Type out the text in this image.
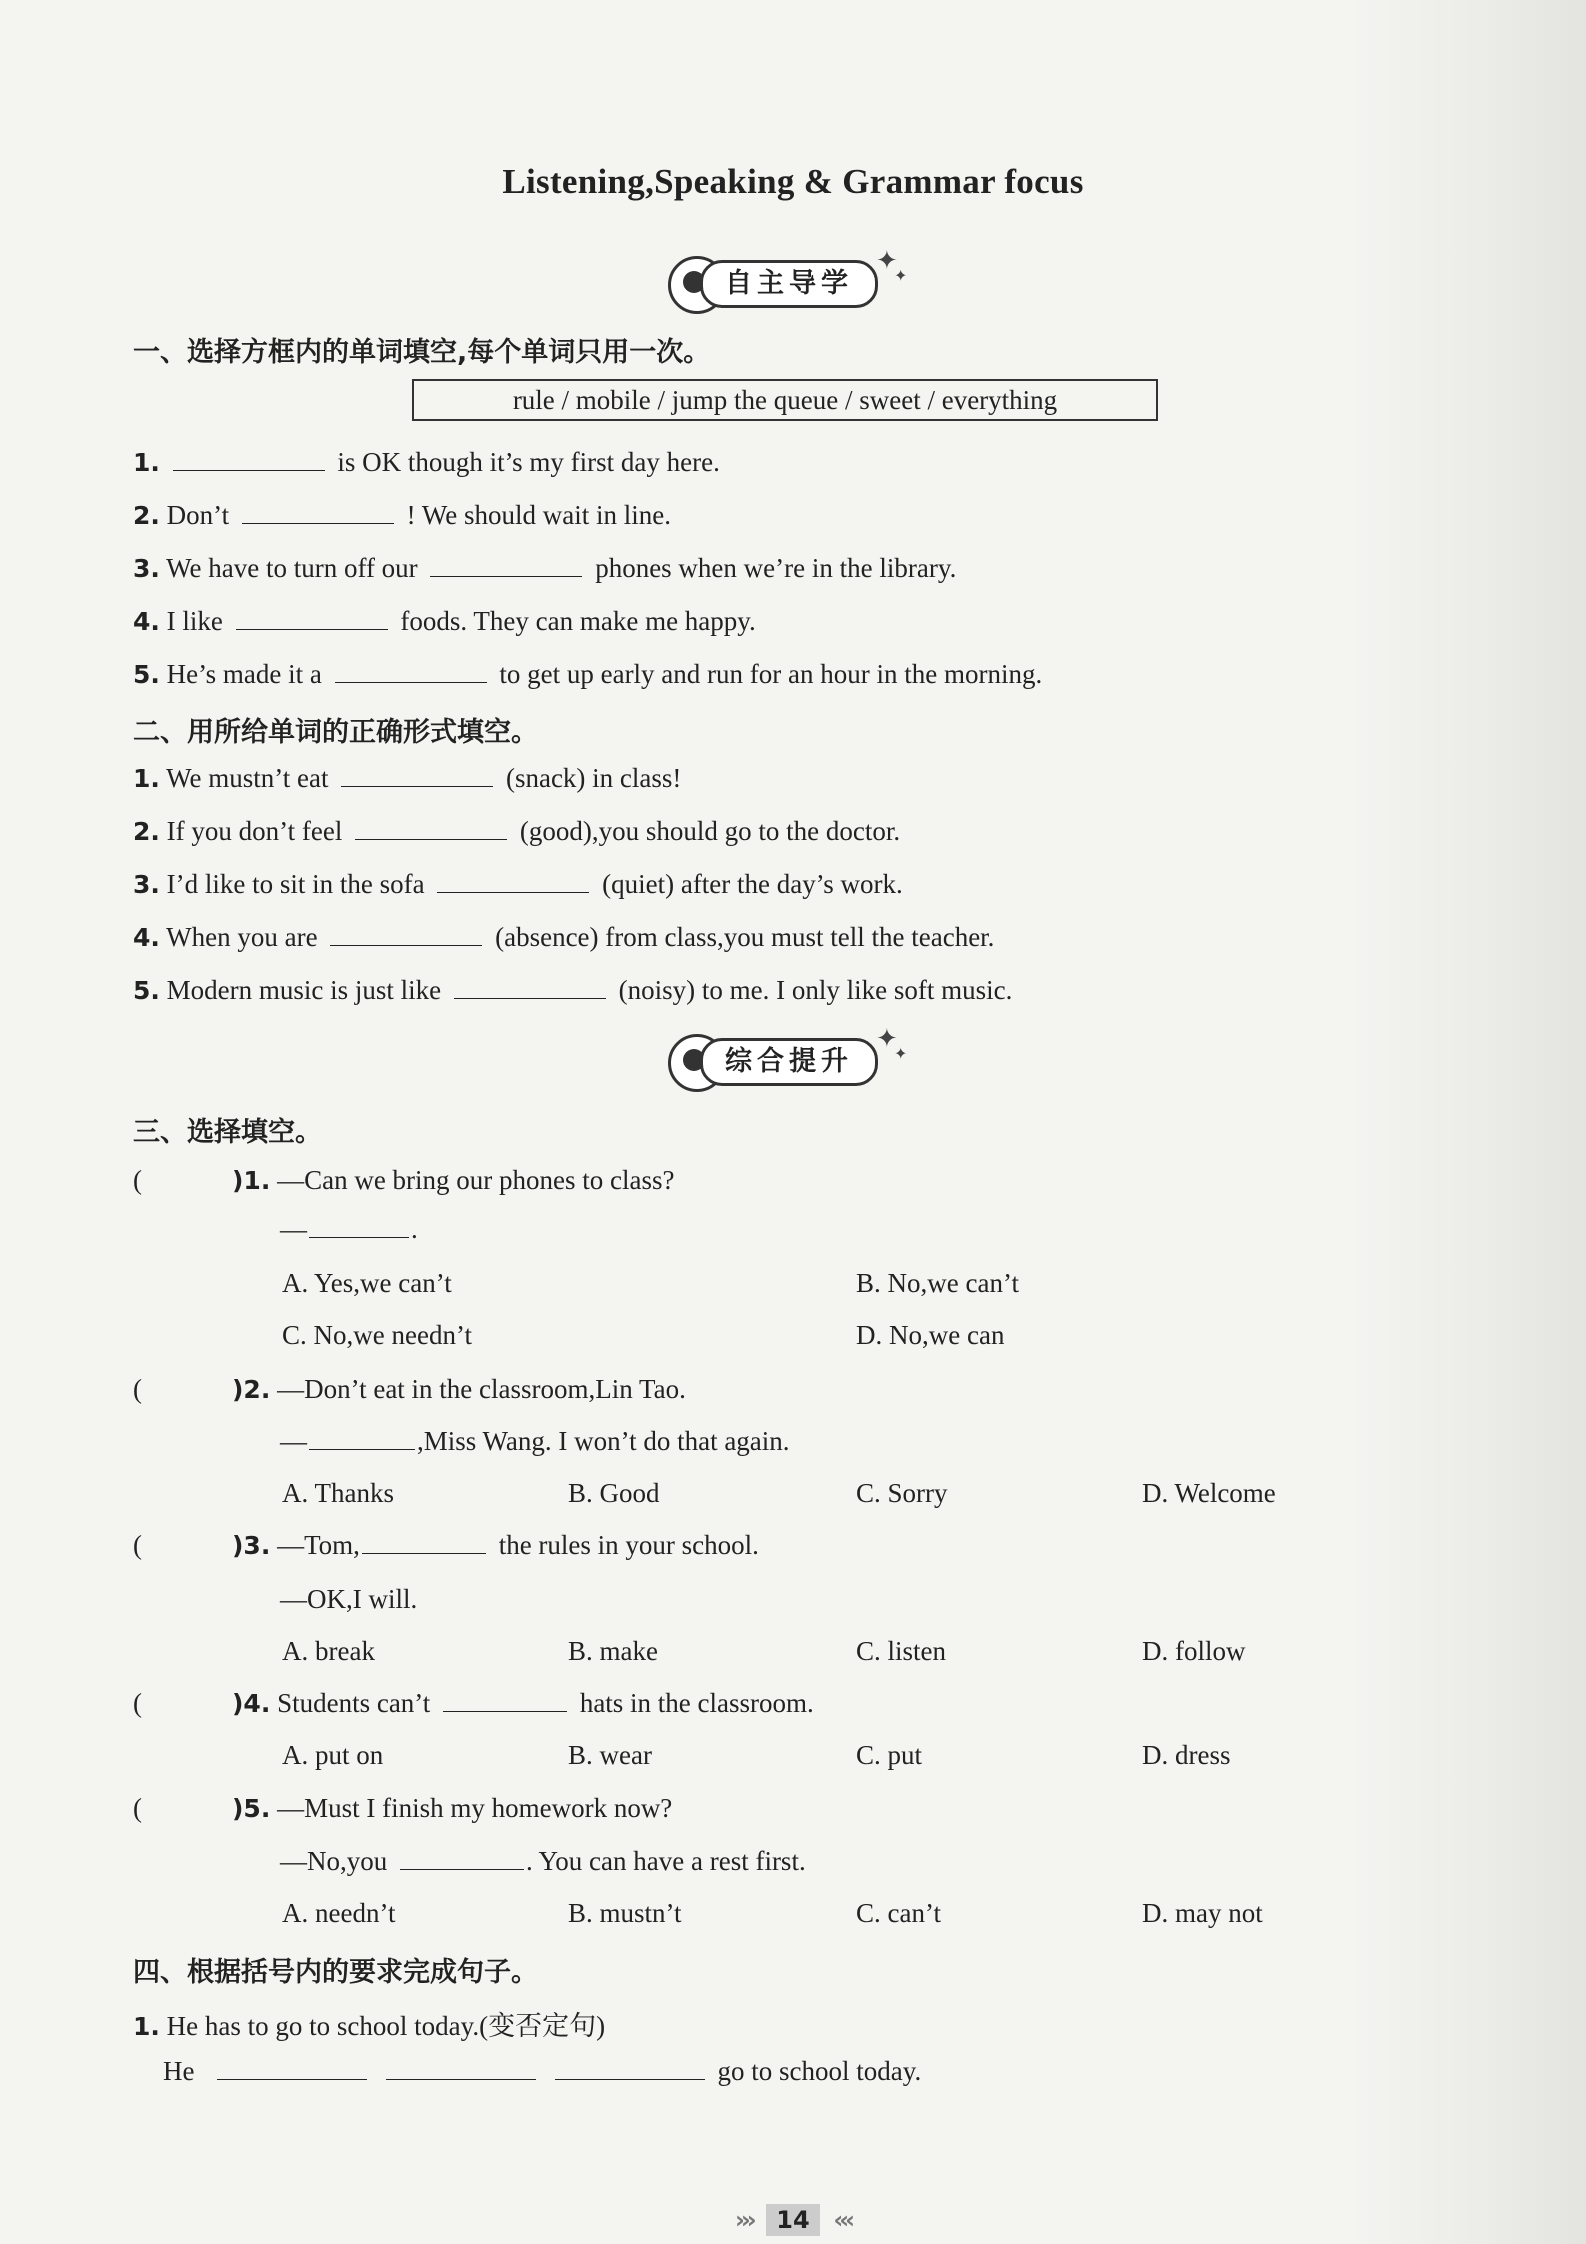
Listening,Speaking & Grammar focus
自主导学
✦
✦
一、选择方框内的单词填空,每个单词只用一次。
rule / mobile / jump the queue / sweet / everything
1.	is OK though it’s my first day here.
2. Don’t	! We should wait in line.
3. We have to turn off our	phones when we’re in the library.
4. I like	foods. They can make me happy.
5. He’s made it a	to get up early and run for an hour in the morning.
二、用所给单词的正确形式填空。
1. We mustn’t eat	(snack) in class!
2. If you don’t feel	(good),you should go to the doctor.
3. I’d like to sit in the sofa	(quiet) after the day’s work.
4. When you are	(absence) from class,you must tell the teacher.
5. Modern music is just like	(noisy) to me. I only like soft music.
综合提升
✦
✦
三、选择填空。
(	)1. —Can we bring our phones to class?
—	.
A. Yes,we can’t	B. No,we can’t
C. No,we needn’t	D. No,we can
(	)2. —Don’t eat in the classroom,Lin Tao.
—	,Miss Wang. I won’t do that again.
A. Thanks	B. Good	C. Sorry	D. Welcome
(	)3. —Tom,	the rules in your school.
—OK,I will.
A. break	B. make	C. listen	D. follow
(	)4. Students can’t	hats in the classroom.
A. put on	B. wear	C. put	D. dress
(	)5. —Must I finish my homework now?
—No,you	. You can have a rest first.
A. needn’t	B. mustn’t	C. can’t	D. may not
四、根据括号内的要求完成句子。
1. He has to go to school today.(变否定句)
He	go to school today.
››› 14 ‹‹‹
